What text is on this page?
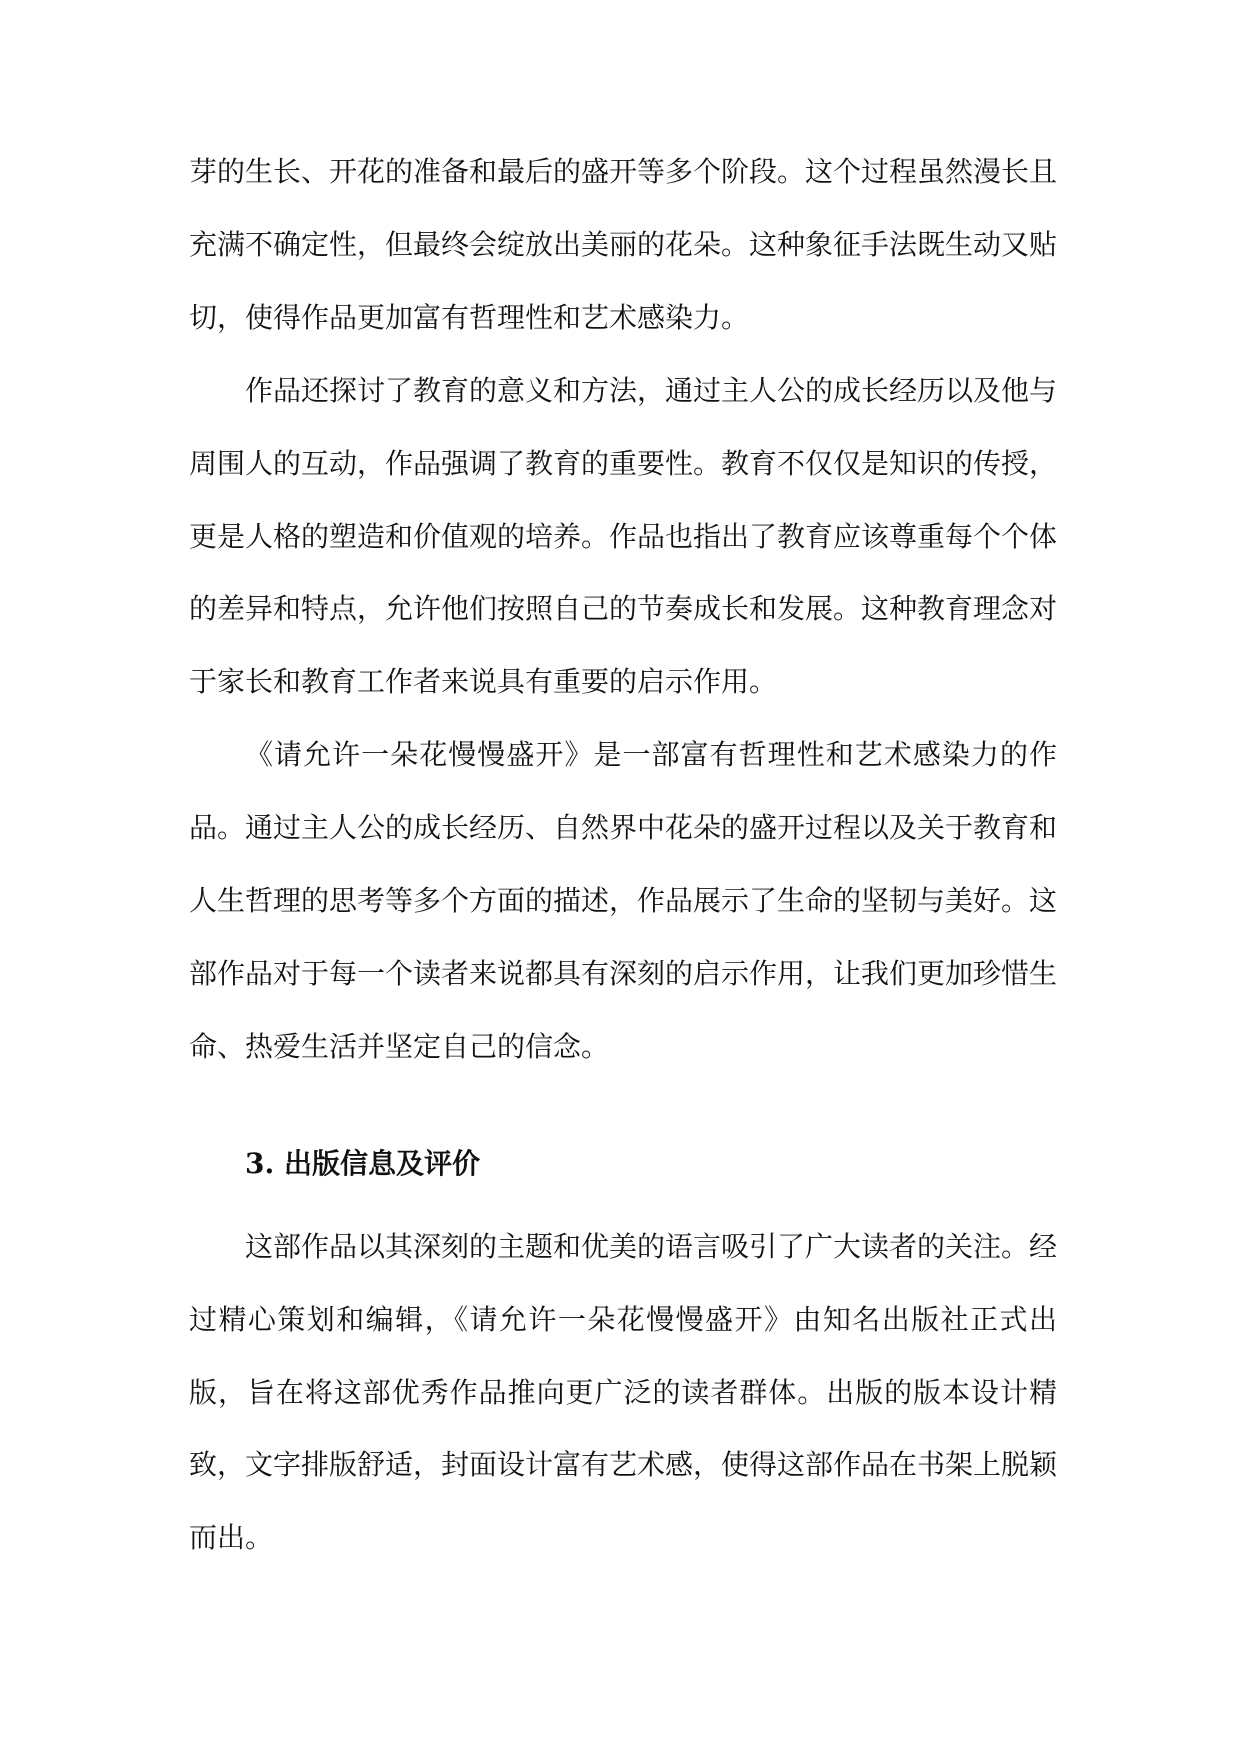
芽的生长、开花的准备和最后的盛开等多个阶段。这个过程虽然漫长且充满不确定性，但最终会绽放出美丽的花朵。这种象征手法既生动又贴切，使得作品更加富有哲理性和艺术感染力。

作品还探讨了教育的意义和方法，通过主人公的成长经历以及他与周围人的互动，作品强调了教育的重要性。教育不仅仅是知识的传授，更是人格的塑造和价值观的培养。作品也指出了教育应该尊重每个个体的差异和特点，允许他们按照自己的节奏成长和发展。这种教育理念对于家长和教育工作者来说具有重要的启示作用。

《请允许一朵花慢慢盛开》是一部富有哲理性和艺术感染力的作品。通过主人公的成长经历、自然界中花朵的盛开过程以及关于教育和人生哲理的思考等多个方面的描述，作品展示了生命的坚韧与美好。这部作品对于每一个读者来说都具有深刻的启示作用，让我们更加珍惜生命、热爱生活并坚定自己的信念。

3. 出版信息及评价

这部作品以其深刻的主题和优美的语言吸引了广大读者的关注。经过精心策划和编辑，《请允许一朵花慢慢盛开》由知名出版社正式出版，旨在将这部优秀作品推向更广泛的读者群体。出版的版本设计精致，文字排版舒适，封面设计富有艺术感，使得这部作品在书架上脱颖而出。
